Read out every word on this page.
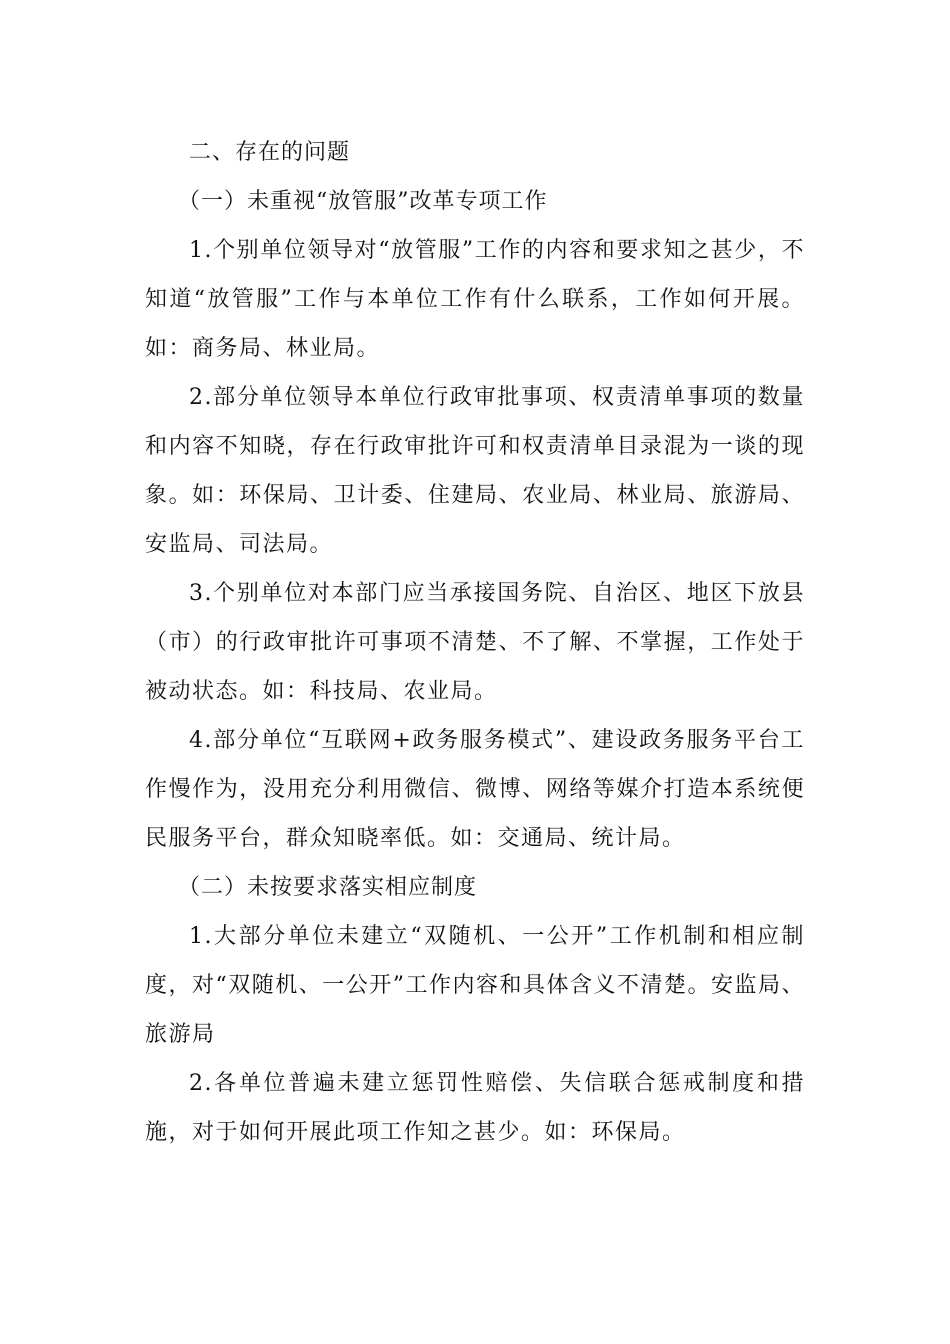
二、存在的问题

（一）未重视“放管服”改革专项工作

1.个别单位领导对“放管服”工作的内容和要求知之甚少，不知道“放管服”工作与本单位工作有什么联系，工作如何开展。如：商务局、林业局。

2.部分单位领导本单位行政审批事项、权责清单事项的数量和内容不知晓，存在行政审批许可和权责清单目录混为一谈的现象。如：环保局、卫计委、住建局、农业局、林业局、旅游局、安监局、司法局。

3.个别单位对本部门应当承接国务院、自治区、地区下放县（市）的行政审批许可事项不清楚、不了解、不掌握，工作处于被动状态。如：科技局、农业局。

4.部分单位“互联网+政务服务模式”、建设政务服务平台工作慢作为，没用充分利用微信、微博、网络等媒介打造本系统便民服务平台，群众知晓率低。如：交通局、统计局。

（二）未按要求落实相应制度

1.大部分单位未建立“双随机、一公开”工作机制和相应制度，对“双随机、一公开”工作内容和具体含义不清楚。安监局、旅游局

2.各单位普遍未建立惩罚性赔偿、失信联合惩戒制度和措施，对于如何开展此项工作知之甚少。如：环保局。
